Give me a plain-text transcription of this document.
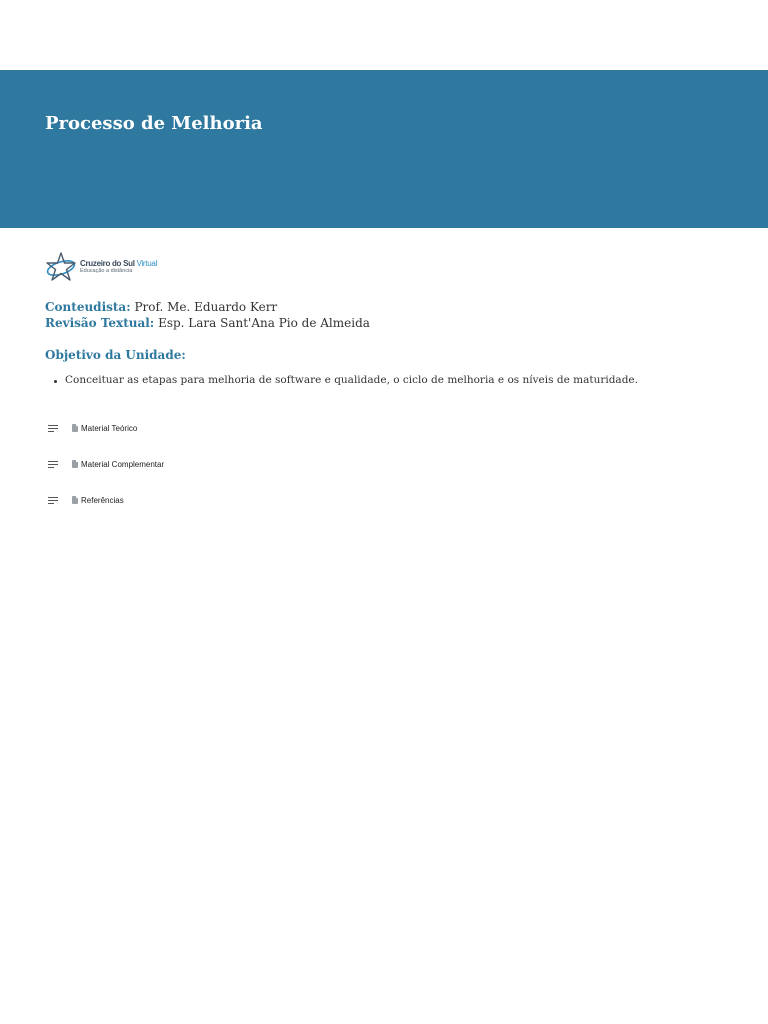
Processo de Melhoria
Cruzeiro do Sul Virtual
Educação a distância
Conteudista: Prof. Me. Eduardo Kerr
Revisão Textual: Esp. Lara Sant'Ana Pio de Almeida
Objetivo da Unidade:
Conceituar as etapas para melhoria de software e qualidade, o ciclo de melhoria e os níveis de maturidade.
Material Teórico
Material Complementar
Referências
